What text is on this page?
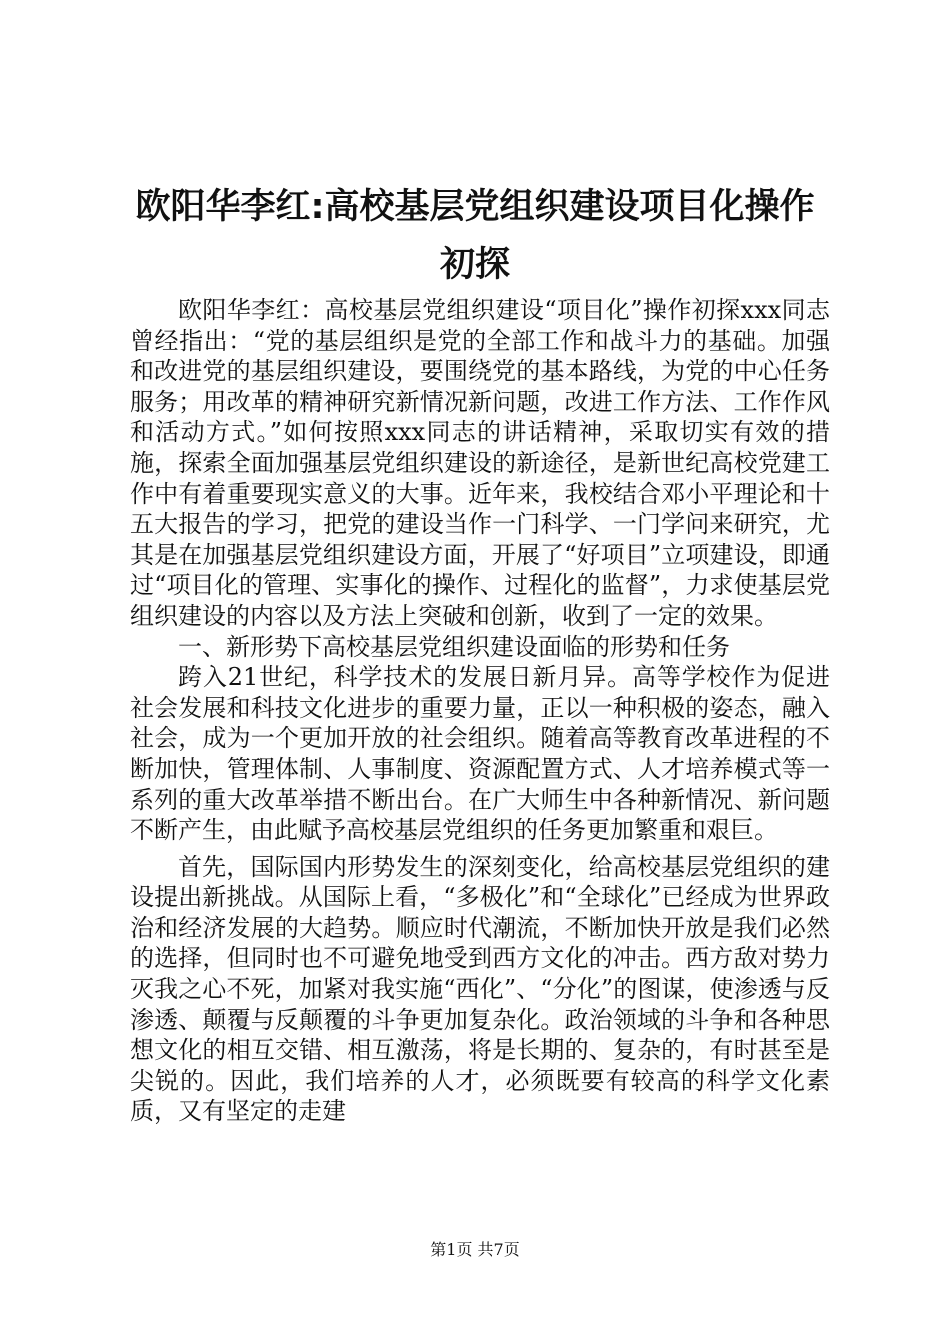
欧阳华李红:高校基层党组织建设项目化操作初探

欧阳华李红：高校基层党组织建设“项目化”操作初探xxx同志曾经指出：“党的基层组织是党的全部工作和战斗力的基础。加强和改进党的基层组织建设，要围绕党的基本路线，为党的中心任务服务；用改革的精神研究新情况新问题，改进工作方法、工作作风和活动方式。”如何按照xxx同志的讲话精神，采取切实有效的措施，探索全面加强基层党组织建设的新途径，是新世纪高校党建工作中有着重要现实意义的大事。近年来，我校结合邓小平理论和十五大报告的学习，把党的建设当作一门科学、一门学问来研究，尤其是在加强基层党组织建设方面，开展了“好项目”立项建设，即通过“项目化的管理、实事化的操作、过程化的监督”，力求使基层党组织建设的内容以及方法上突破和创新，收到了一定的效果。

一、新形势下高校基层党组织建设面临的形势和任务

跨入21世纪，科学技术的发展日新月异。高等学校作为促进社会发展和科技文化进步的重要力量，正以一种积极的姿态，融入社会，成为一个更加开放的社会组织。随着高等教育改革进程的不断加快，管理体制、人事制度、资源配置方式、人才培养模式等一系列的重大改革举措不断出台。在广大师生中各种新情况、新问题不断产生，由此赋予高校基层党组织的任务更加繁重和艰巨。

首先，国际国内形势发生的深刻变化，给高校基层党组织的建设提出新挑战。从国际上看，“多极化”和“全球化”已经成为世界政治和经济发展的大趋势。顺应时代潮流，不断加快开放是我们必然的选择，但同时也不可避免地受到西方文化的冲击。西方敌对势力灭我之心不死，加紧对我实施“西化”、“分化”的图谋，使渗透与反渗透、颠覆与反颠覆的斗争更加复杂化。政治领域的斗争和各种思想文化的相互交错、相互激荡，将是长期的、复杂的，有时甚至是尖锐的。因此，我们培养的人才，必须既要有较高的科学文化素质，又有坚定的走建

第1页 共7页
